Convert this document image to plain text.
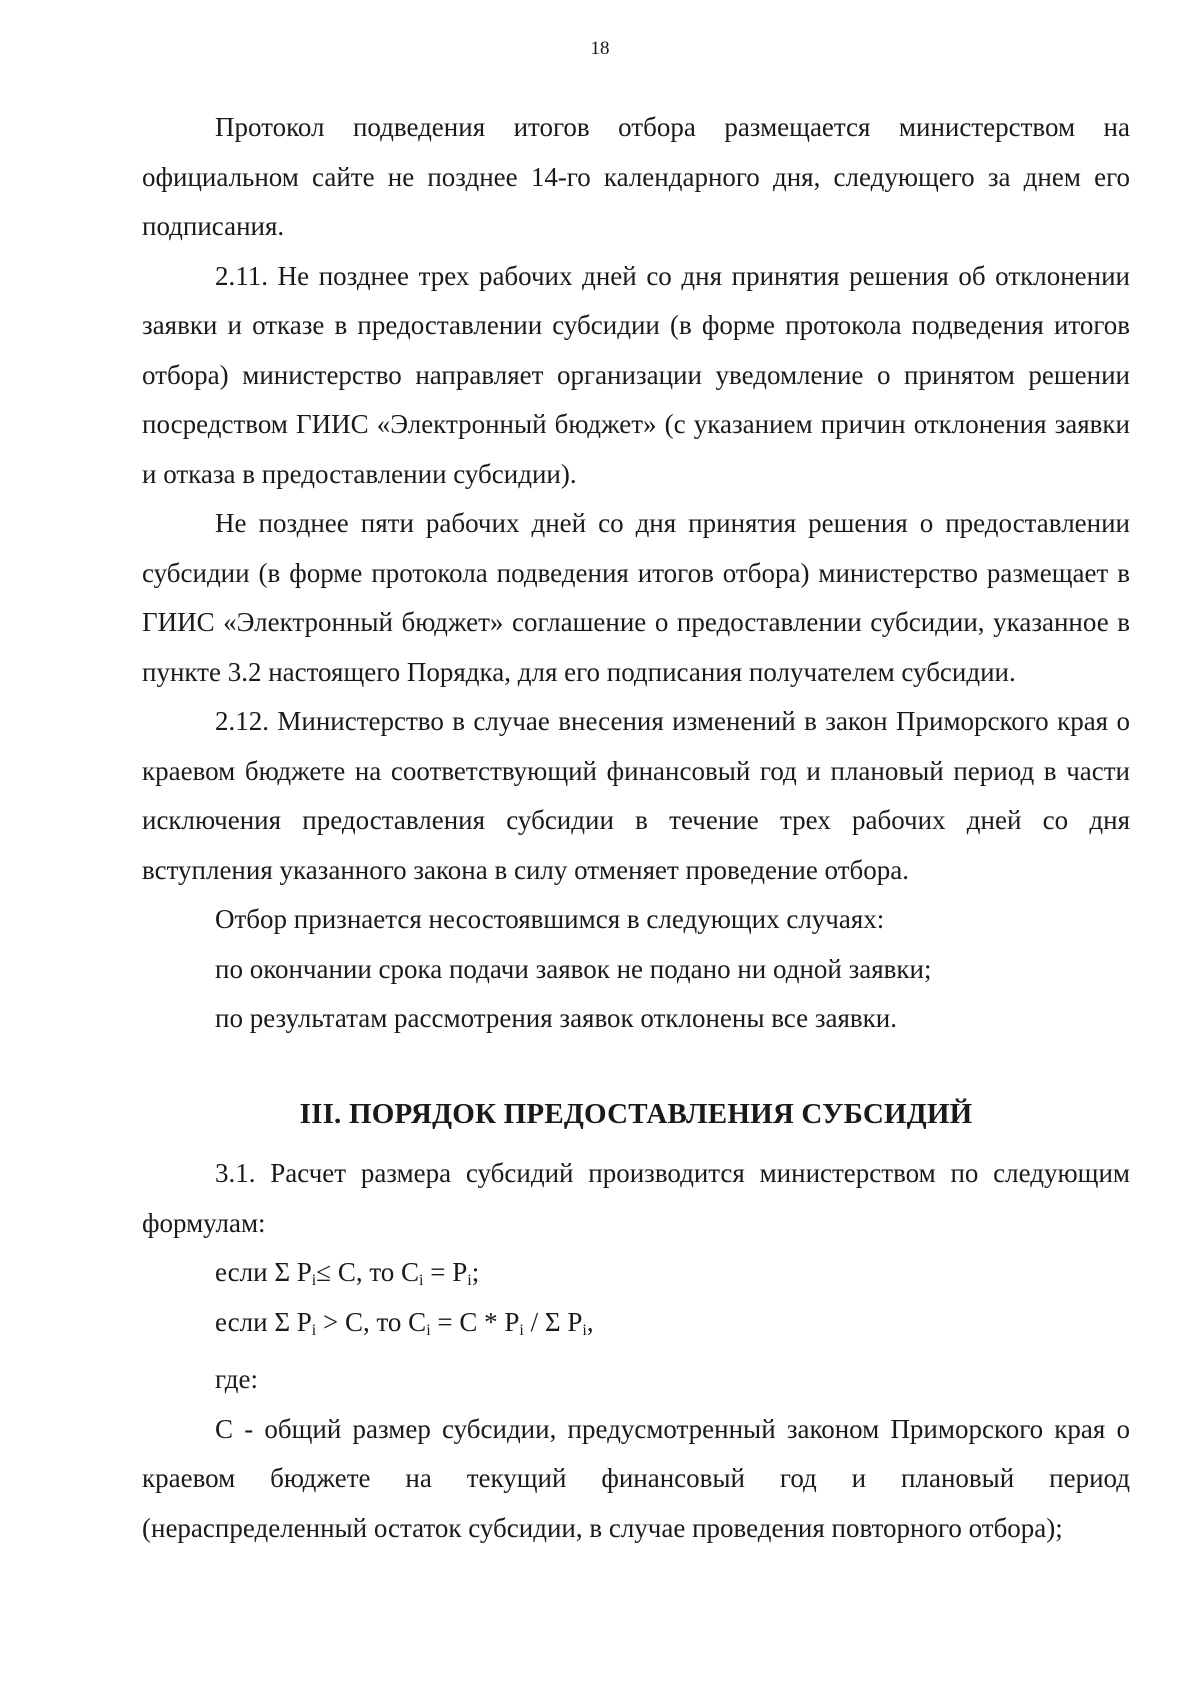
18

Протокол подведения итогов отбора размещается министерством на официальном сайте не позднее 14-го календарного дня, следующего за днем его подписания.

2.11. Не позднее трех рабочих дней со дня принятия решения об отклонении заявки и отказе в предоставлении субсидии (в форме протокола подведения итогов отбора) министерство направляет организации уведомление о принятом решении посредством ГИИС «Электронный бюджет» (с указанием причин отклонения заявки и отказа в предоставлении субсидии).

Не позднее пяти рабочих дней со дня принятия решения о предоставлении субсидии (в форме протокола подведения итогов отбора) министерство размещает в ГИИС «Электронный бюджет» соглашение о предоставлении субсидии, указанное в пункте 3.2 настоящего Порядка, для его подписания получателем субсидии.

2.12. Министерство в случае внесения изменений в закон Приморского края о краевом бюджете на соответствующий финансовый год и плановый период в части исключения предоставления субсидии в течение трех рабочих дней со дня вступления указанного закона в силу отменяет проведение отбора.

Отбор признается несостоявшимся в следующих случаях:

по окончании срока подачи заявок не подано ни одной заявки;

по результатам рассмотрения заявок отклонены все заявки.

III. ПОРЯДОК ПРЕДОСТАВЛЕНИЯ СУБСИДИЙ

3.1. Расчет размера субсидий производится министерством по следующим формулам:

если Σ $P_i\le C$, то $C_i = P_i$;

если Σ $P_i > C$, то $C_i = C * P_i / \Sigma$ $P_i$,

где:

C - общий размер субсидии, предусмотренный законом Приморского края о краевом бюджете на текущий финансовый год и плановый период (нераспределенный остаток субсидии, в случае проведения повторного отбора);
